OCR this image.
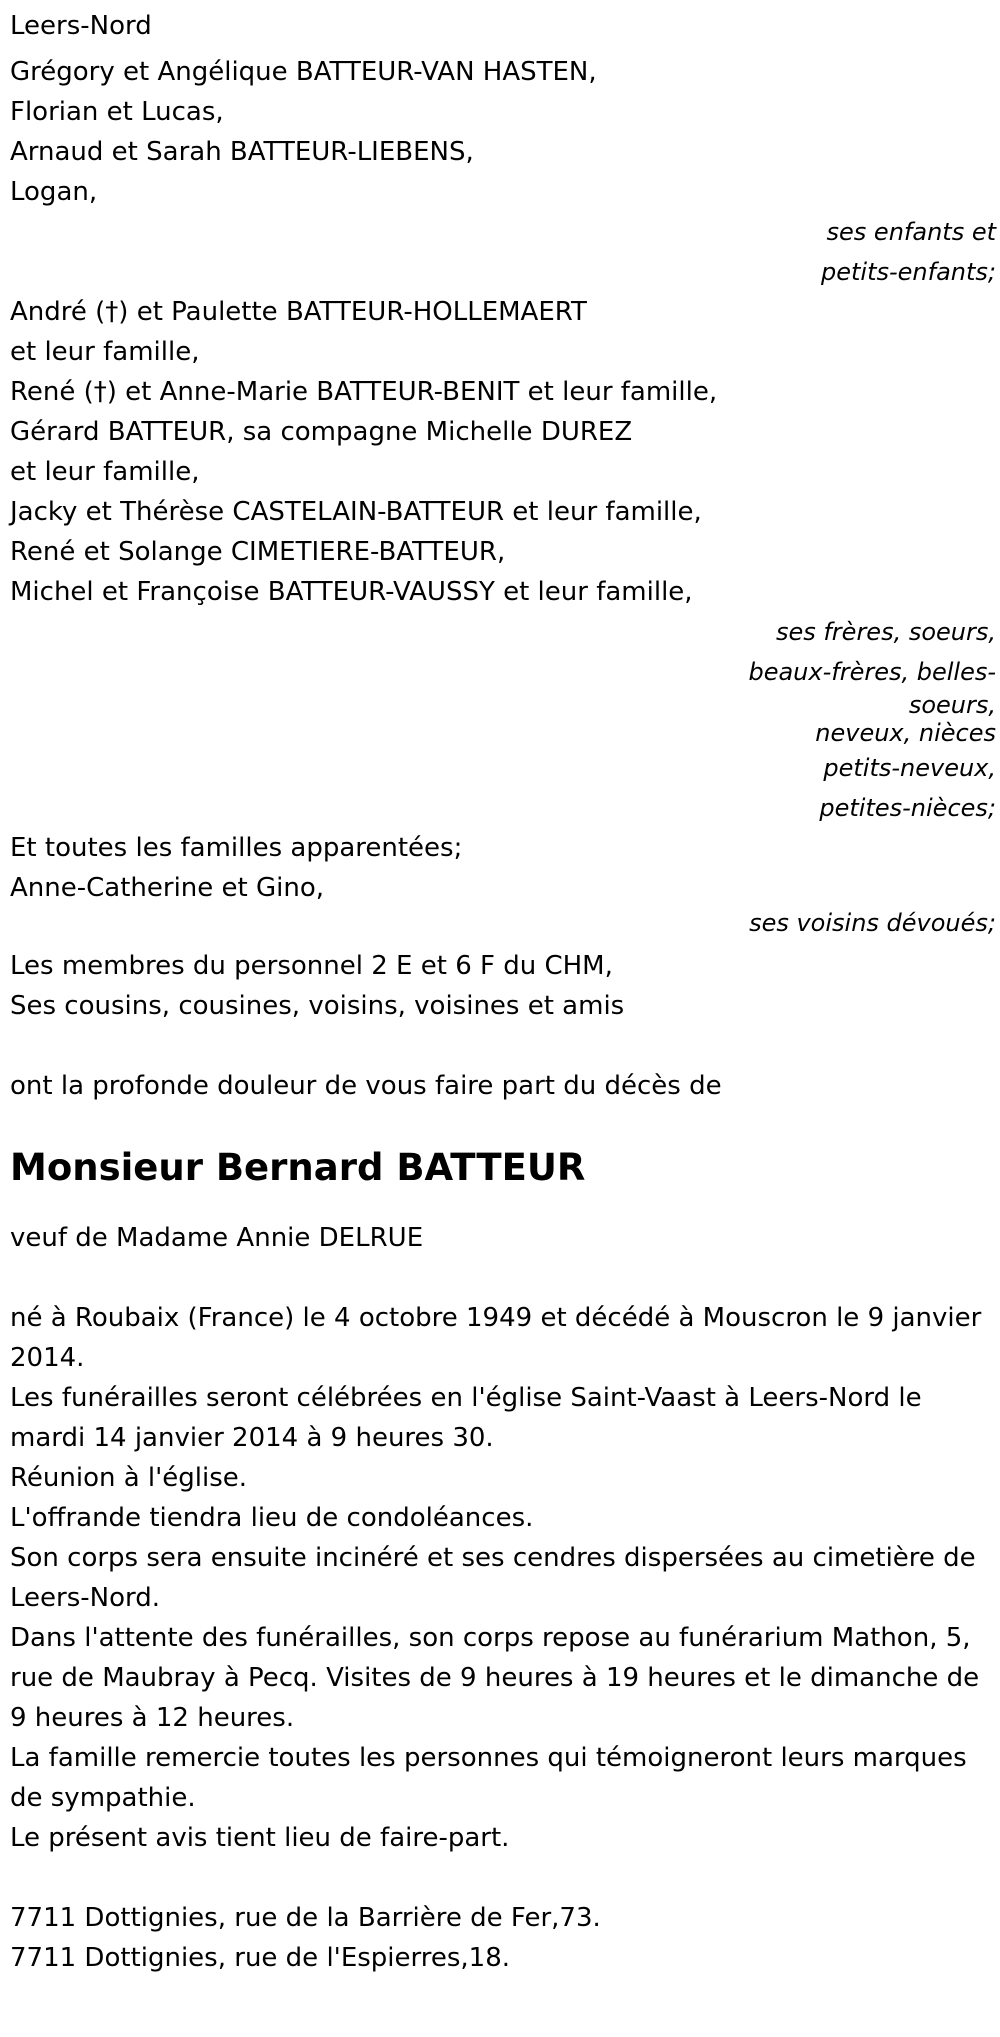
Leers-Nord
Grégory et Angélique BATTEUR-VAN HASTEN,
Florian et Lucas,
Arnaud et Sarah BATTEUR-LIEBENS,
Logan,
ses enfants et
petits-enfants;
André (†) et Paulette BATTEUR-HOLLEMAERT
et leur famille,
René (†) et Anne-Marie BATTEUR-BENIT et leur famille,
Gérard BATTEUR, sa compagne Michelle DUREZ
et leur famille,
Jacky et Thérèse CASTELAIN-BATTEUR et leur famille,
René et Solange CIMETIERE-BATTEUR,
Michel et Françoise BATTEUR-VAUSSY et leur famille,
ses frères, soeurs,
beaux-frères, belles-
soeurs,
neveux, nièces
petits-neveux,
petites-nièces;
Et toutes les familles apparentées;
Anne-Catherine et Gino,
ses voisins dévoués;
Les membres du personnel 2 E et 6 F du CHM,
Ses cousins, cousines, voisins, voisines et amis
ont la profonde douleur de vous faire part du décès de
Monsieur Bernard BATTEUR
veuf de Madame Annie DELRUE

né à Roubaix (France) le 4 octobre 1949 et décédé à Mouscron le 9 janvier 2014.

Les funérailles seront célébrées en l'église Saint-Vaast à Leers-Nord le mardi 14 janvier 2014 à 9 heures 30.

Réunion à l'église.

L'offrande tiendra lieu de condoléances.

Son corps sera ensuite incinéré et ses cendres dispersées au cimetière de Leers-Nord.

Dans l'attente des funérailles, son corps repose au funérarium Mathon, 5, rue de Maubray à Pecq. Visites de 9 heures à 19 heures et le dimanche de 9 heures à 12 heures.

La famille remercie toutes les personnes qui témoigneront leurs marques de sympathie.

Le présent avis tient lieu de faire-part.

7711 Dottignies, rue de la Barrière de Fer,73.
7711 Dottignies, rue de l'Espierres,18.
